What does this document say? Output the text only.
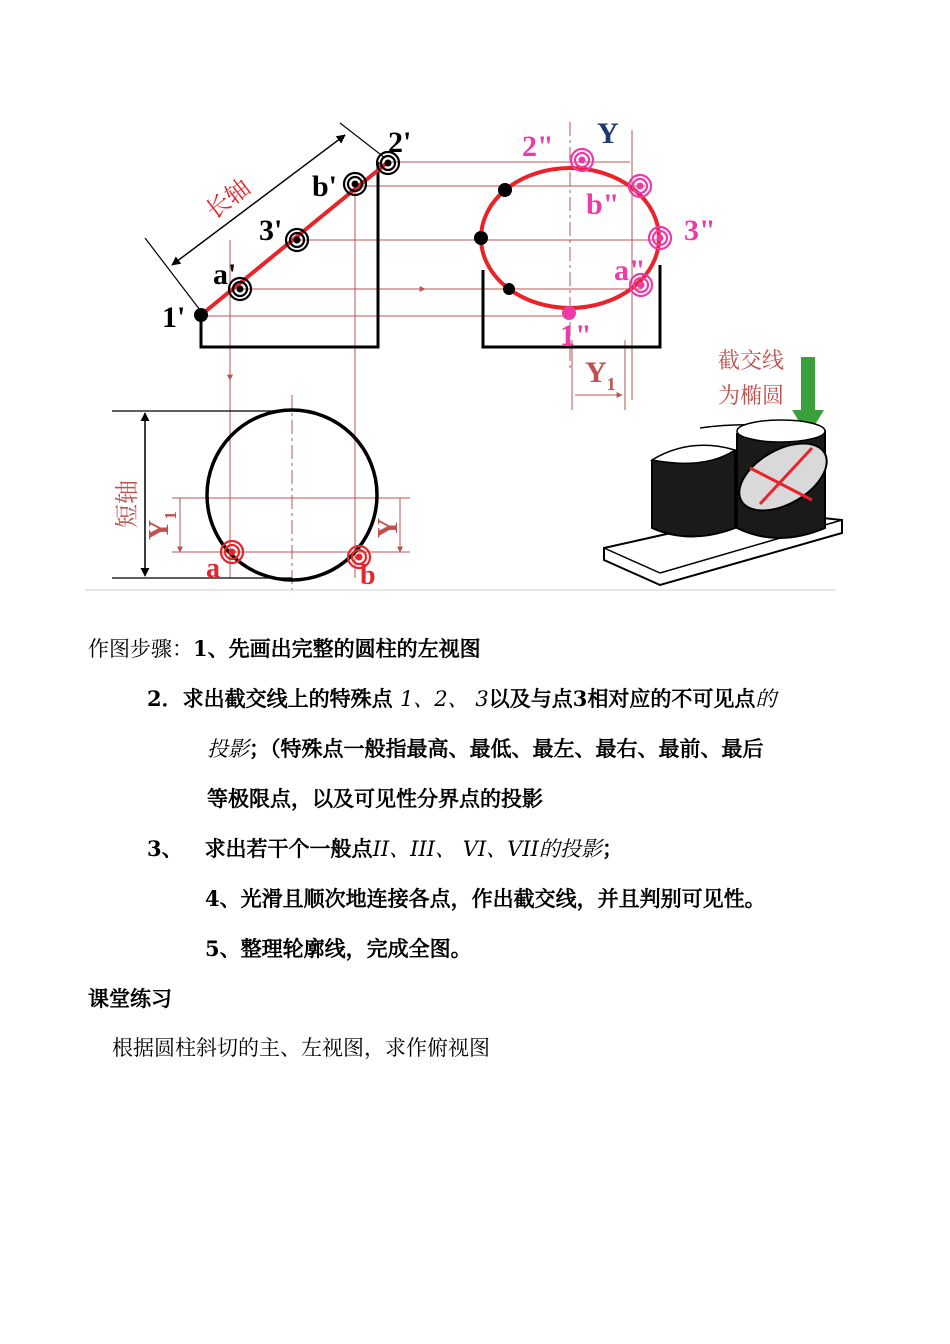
1'
a'
3'
b'
2'
长轴
2"
b"
3"
a"
1"
Y
$Y_1$
a	b
短轴
$Y_1$
Y
截交线
为椭圆
作图步骤：1、先画出完整的圆柱的左视图
2．求出截交线上的特殊点 1、2、 3以及与点3相对应的不可见点的
投影；（特殊点一般指最高、最低、最左、最右、最前、最后
等极限点，以及可见性分界点的投影
3、 求出若干个一般点II、III、 VI、VII的投影；
4、光滑且顺次地连接各点，作出截交线，并且判别可见性。
5、整理轮廓线，完成全图。
课堂练习
根据圆柱斜切的主、左视图，求作俯视图
